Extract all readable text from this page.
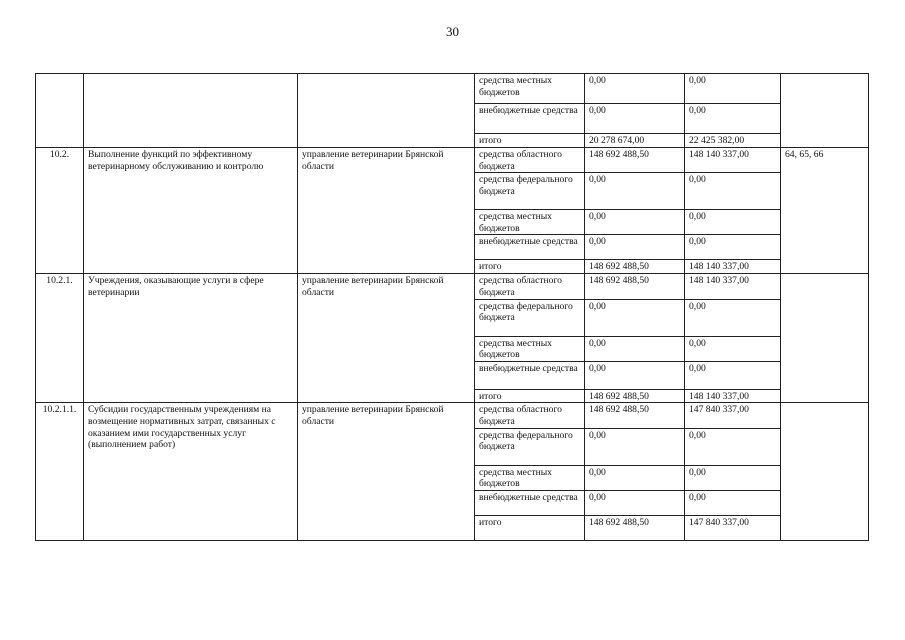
30
			средства местных бюджетов	0,00	0,00	
			внебюджетные средства	0,00	0,00	
			итого	20 278 674,00	22 425 382,00	
10.2.	Выполнение функций по эффективному ветеринарному обслуживанию и контролю	управление ветеринарии Брянской области	средства областного бюджета	148 692 488,50	148 140 337,00	64, 65, 66
			средства федерального бюджета	0,00	0,00	
			средства местных бюджетов	0,00	0,00	
			внебюджетные средства	0,00	0,00	
			итого	148 692 488,50	148 140 337,00	
10.2.1.	Учреждения, оказывающие услуги в сфере ветеринарии	управление ветеринарии Брянской области	средства областного бюджета	148 692 488,50	148 140 337,00	
			средства федерального бюджета	0,00	0,00	
			средства местных бюджетов	0,00	0,00	
			внебюджетные средства	0,00	0,00	
			итого	148 692 488,50	148 140 337,00	
10.2.1.1.	Субсидии государственным учреждениям на возмещение нормативных затрат, связанных с оказанием ими государственных услуг (выполнением работ)	управление ветеринарии Брянской области	средства областного бюджета	148 692 488,50	147 840 337,00	
			средства федерального бюджета	0,00	0,00	
			средства местных бюджетов	0,00	0,00	
			внебюджетные средства	0,00	0,00	
			итого	148 692 488,50	147 840 337,00	
